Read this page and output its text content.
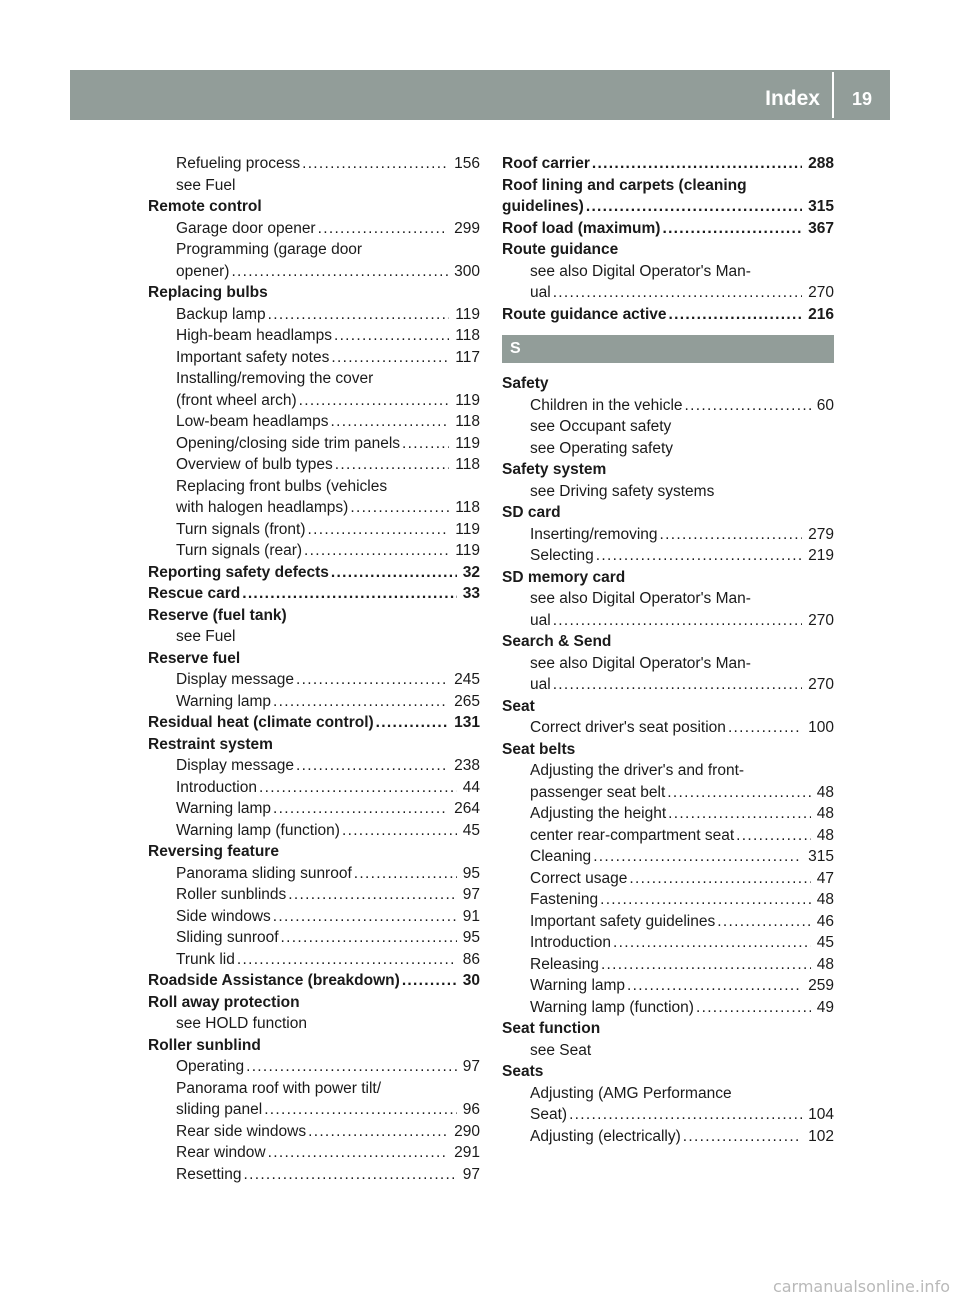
Index 19
Refueling process . . .	156
see Fuel
Remote control
Garage door opener . . .	299
Programming (garage door
opener) . . .	300
Replacing bulbs
Backup lamp . . .	119
High-beam headlamps . . .	118
Important safety notes . . .	117
Installing/removing the cover
(front wheel arch) . . .	119
Low-beam headlamps . . .	118
Opening/closing side trim panels . . .	119
Overview of bulb types . . .	118
Replacing front bulbs (vehicles
with halogen headlamps) . . .	118
Turn signals (front) . . .	119
Turn signals (rear) . . .	119
Reporting safety defects . . .	32
Rescue card . . .	33
Reserve (fuel tank)
see Fuel
Reserve fuel
Display message . . .	245
Warning lamp . . .	265
Residual heat (climate control) . . .	131
Restraint system
Display message . . .	238
Introduction . . .	44
Warning lamp . . .	264
Warning lamp (function) . . .	45
Reversing feature
Panorama sliding sunroof . . .	95
Roller sunblinds . . .	97
Side windows . . .	91
Sliding sunroof . . .	95
Trunk lid . . .	86
Roadside Assistance (breakdown) . . .	30
Roll away protection
see HOLD function
Roller sunblind
Operating . . .	97
Panorama roof with power tilt/
sliding panel . . .	96
Rear side windows . . .	290
Rear window . . .	291
Resetting . . .	97
Roof carrier . . .	288
Roof lining and carpets (cleaning
guidelines) . . .	315
Roof load (maximum) . . .	367
Route guidance
see also Digital Operator's Man-
ual . . .	270
Route guidance active . . .	216
S
Safety
Children in the vehicle . . .	60
see Occupant safety
see Operating safety
Safety system
see Driving safety systems
SD card
Inserting/removing . . .	279
Selecting . . .	219
SD memory card
see also Digital Operator's Man-
ual . . .	270
Search & Send
see also Digital Operator's Man-
ual . . .	270
Seat
Correct driver's seat position . . .	100
Seat belts
Adjusting the driver's and front-
passenger seat belt . . .	48
Adjusting the height . . .	48
center rear-compartment seat . . .	48
Cleaning . . .	315
Correct usage . . .	47
Fastening . . .	48
Important safety guidelines . . .	46
Introduction . . .	45
Releasing . . .	48
Warning lamp . . .	259
Warning lamp (function) . . .	49
Seat function
see Seat
Seats
Adjusting (AMG Performance
Seat) . . .	104
Adjusting (electrically) . . .	102
carmanualsonline.info
